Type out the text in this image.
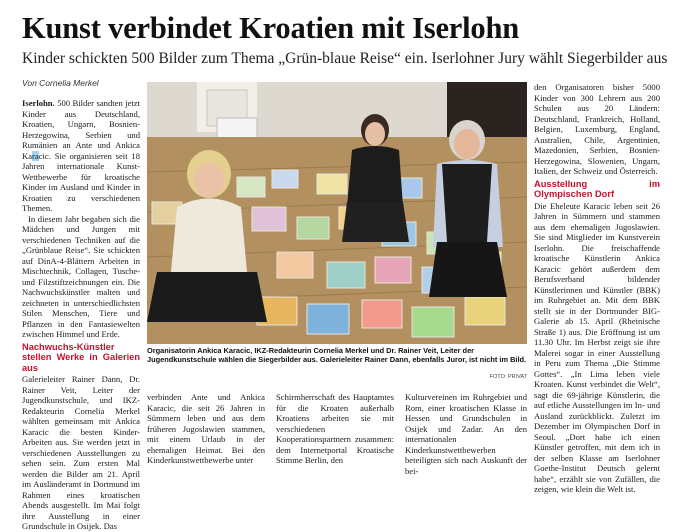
Kunst verbindet Kroatien mit Iserlohn
Kinder schickten 500 Bilder zum Thema „Grün-blaue Reise“ ein. Iserlohner Jury wählt Siegerbilder aus
Von Cornelia Merkel

Iserlohn. 500 Bilder sandten jetzt Kinder aus Deutschland, Kroatien, Ungarn, Bosnien-Herzegowina, Serbien und Rumänien an Ante und Ankica Karacic. Sie organisieren seit 18 Jahren internationale Kunst-Wettbewerbe für kroatische Kinder im Ausland und Kinder in Kroatien zu verschiedenen Themen.

In diesem Jahr begaben sich die Mädchen und Jungen mit verschiedenen Techniken auf die „Grünblaue Reise“. Sie schickten auf DinA-4-Blättern Arbeiten in Mischtechnik, Collagen, Tusche- und Filzstiftzeichnungen ein. Die Nachwuchskünstler malten und zeichneten in unterschiedlichsten Stilen Menschen, Tiere und Pflanzen in den Fantasiewelten zwischen Himmel und Erde.

Nachwuchs-Künstler stellen Werke in Galerien aus

Galerieleiter Rainer Dann, Dr. Rainer Veit, Leiter der Jugendkunstschule, und IKZ-Redakteurin Cornelia Merkel wählten gemeinsam mit Ankica Karacic die besten Kinder-Arbeiten aus. Sie werden jetzt in verschiedenen Ausstellungen zu sehen sein. Zum ersten Mal werden die Bilder am 21. April im Ausländeramt in Dortmund im Rahmen eines kroatischen Abends ausgestellt. Im Mai folgt ihre Ausstellung in einer Grundschule in Osijek. Das

Organisatorin Ankica Karacic, IKZ-Redakteurin Cornelia Merkel und Dr. Rainer Veit, Leiter der Jugendkunstschule wählen die Siegerbilder aus. Galerieleiter Rainer Dann, ebenfalls Juror, ist nicht im Bild.
FOTO: PRIVAT
verbinden Ante und Ankica Karacic, die seit 26 Jahren in Sümmern leben und aus dem früheren Jugoslawien stammen, mit einem Urlaub in der ehemaligen Heimat. Bei den Kinderkunstwettbewerbe unter
Schirmherrschaft des Hauptamtes für die Kroaten außerhalb Kroatiens arbeiten sie mit verschiedenen Kooperationspartnern zusammen: dem Internetportal Kroatische Stimme Berlin, den
Kulturvereinen im Ruhrgebiet und Rom, einer kroatischen Klasse in Hessen und Grundschulen in Osijek und Zadar. An den internationalen Kinderkunstwettbewerben beteiligten sich nach Auskunft der bei-

den Organisatoren bisher 5000 Kinder von 300 Lehrern aus 200 Schulen aus 20 Ländern: Deutschland, Frankreich, Holland, Belgien, Luxemburg, England, Australien, Chile, Argentinien, Mazedonien, Serbien, Bosnien-Herzegowina, Slowenien, Ungarn, Italien, der Schweiz und Österreich.

Ausstellung im Olympischen Dorf

Die Eheleute Karacic leben seit 26 Jahren in Sümmern und stammen aus dem ehemaligen Jugoslawien. Sie sind Mitglieder im Kunstverein Iserlohn. Die freischaffende kroatische Künstlerin Ankica Karacic gehört außerdem dem Berufsverband bildender Künstlerinnen und Künstler (BBK) im Ruhrgebiet an. Mit dem BBK stellt sie in der Dortmunder BIG-Galerie ab 15. April (Rheinische Straße 1) aus. Die Eröffnung ist um 11.30 Uhr. Im Herbst zeigt sie ihre Malerei sogar in einer Ausstellung in Peru zum Thema „Die Stimme Gottes“. „In Lima leben viele Kroaten. Kunst verbindet die Welt“, sagt die 69-jährige Künstlerin, die auf etliche Ausstellungen im In- und Ausland zurückblickt. Zuletzt im Dezember im Olympischen Dorf in Seoul. „Dort habe ich einen Künstler getroffen, mit dem ich in der selben Klasse am Iserlohner Goethe-Institut Deutsch gelernt habe“, erzählt sie von Zufällen, die zeigen, wie klein die Welt ist.
